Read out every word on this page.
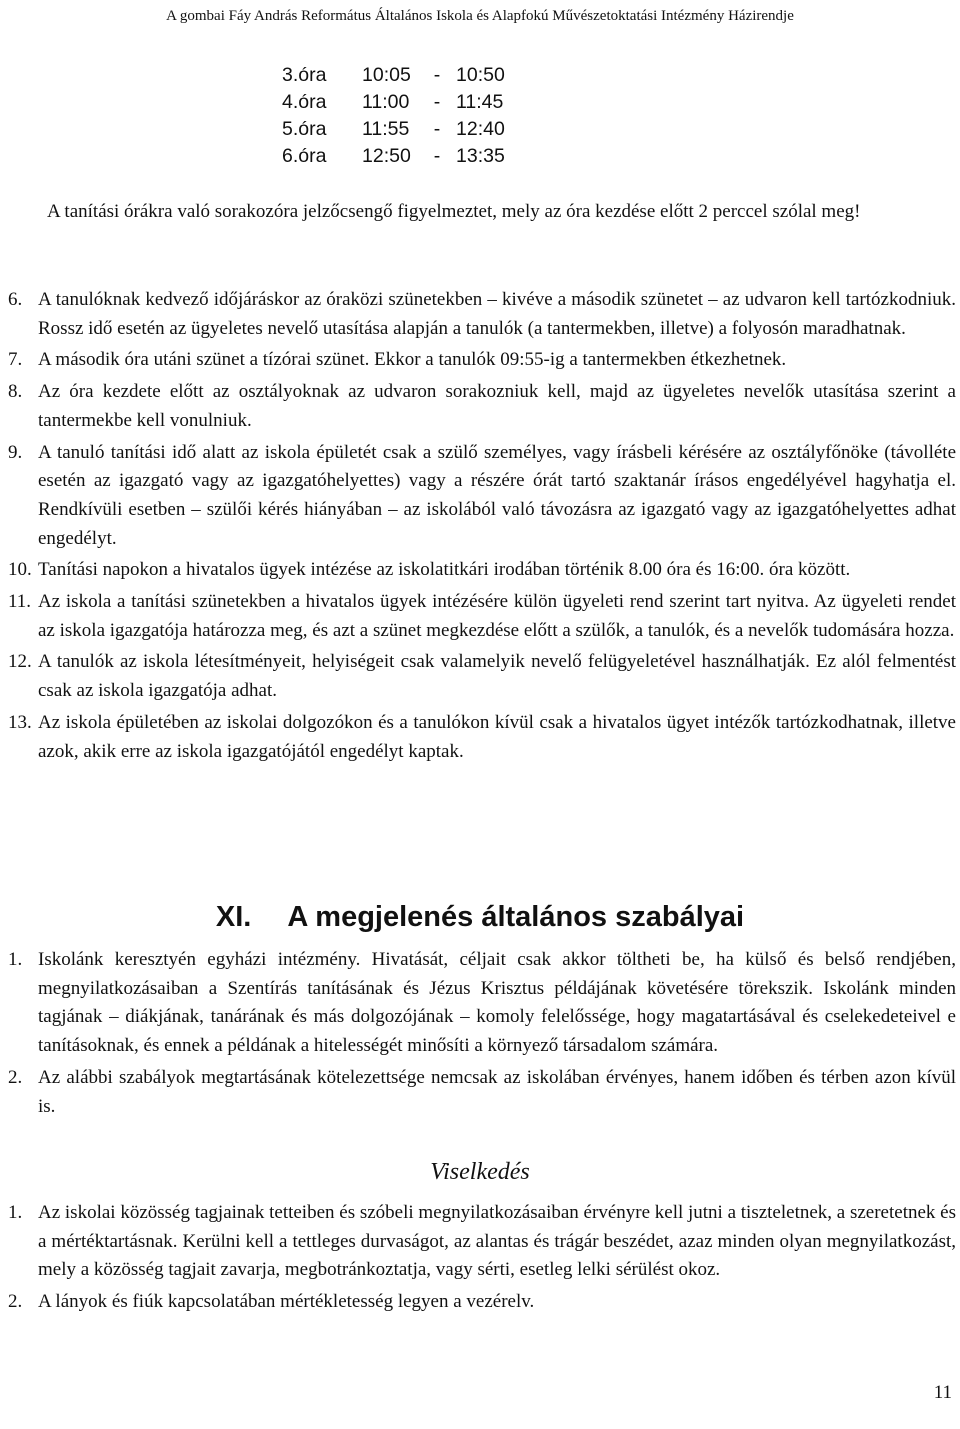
A gombai Fáy András Református Általános Iskola és Alapfokú Művészetoktatási Intézmény Házirendje
3.óra	10:05	- 10:50
4.óra	11:00	- 11:45
5.óra	11:55	- 12:40
6.óra	12:50	- 13:35

A tanítási órákra való sorakozóra jelzőcsengő figyelmeztet, mely az óra kezdése előtt 2 perccel szólal meg!

6. A tanulóknak kedvező időjáráskor az óraközi szünetekben – kivéve a második szünetet – az udvaron kell tartózkodniuk. Rossz idő esetén az ügyeletes nevelő utasítása alapján a tanulók (a tantermekben, illetve) a folyosón maradhatnak.
7. A második óra utáni szünet a tízórai szünet. Ekkor a tanulók 09:55-ig a tantermekben étkezhetnek.
8. Az óra kezdete előtt az osztályoknak az udvaron sorakozniuk kell, majd az ügyeletes nevelők utasítása szerint a tantermekbe kell vonulniuk.
9. A tanuló tanítási idő alatt az iskola épületét csak a szülő személyes, vagy írásbeli kérésére az osztályfőnöke (távolléte esetén az igazgató vagy az igazgatóhelyettes) vagy a részére órát tartó szaktanár írásos engedélyével hagyhatja el. Rendkívüli esetben – szülői kérés hiányában – az iskolából való távozásra az igazgató vagy az igazgatóhelyettes adhat engedélyt.
10. Tanítási napokon a hivatalos ügyek intézése az iskolatitkári irodában történik 8.00 óra és 16:00. óra között.
11. Az iskola a tanítási szünetekben a hivatalos ügyek intézésére külön ügyeleti rend szerint tart nyitva. Az ügyeleti rendet az iskola igazgatója határozza meg, és azt a szünet megkezdése előtt a szülők, a tanulók, és a nevelők tudomására hozza.
12. A tanulók az iskola létesítményeit, helyiségeit csak valamelyik nevelő felügyeletével használhatják. Ez alól felmentést csak az iskola igazgatója adhat.
13. Az iskola épületében az iskolai dolgozókon és a tanulókon kívül csak a hivatalos ügyet intézők tartózkodhatnak, illetve azok, akik erre az iskola igazgatójától engedélyt kaptak.
XI. A megjelenés általános szabályai
1. Iskolánk keresztyén egyházi intézmény. Hivatását, céljait csak akkor töltheti be, ha külső és belső rendjében, megnyilatkozásaiban a Szentírás tanításának és Jézus Krisztus példájának követésére törekszik. Iskolánk minden tagjának – diákjának, tanárának és más dolgozójának – komoly felelőssége, hogy magatartásával és cselekedeteivel e tanításoknak, és ennek a példának a hitelességét minősíti a környező társadalom számára.
2. Az alábbi szabályok megtartásának kötelezettsége nemcsak az iskolában érvényes, hanem időben és térben azon kívül is.
Viselkedés
1. Az iskolai közösség tagjainak tetteiben és szóbeli megnyilatkozásaiban érvényre kell jutni a tiszteletnek, a szeretetnek és a mértéktartásnak. Kerülni kell a tettleges durvaságot, az alantas és trágár beszédet, azaz minden olyan megnyilatkozást, mely a közösség tagjait zavarja, megbotránkoztatja, vagy sérti, esetleg lelki sérülést okoz.
2. A lányok és fiúk kapcsolatában mértékletesség legyen a vezérelv.
11
